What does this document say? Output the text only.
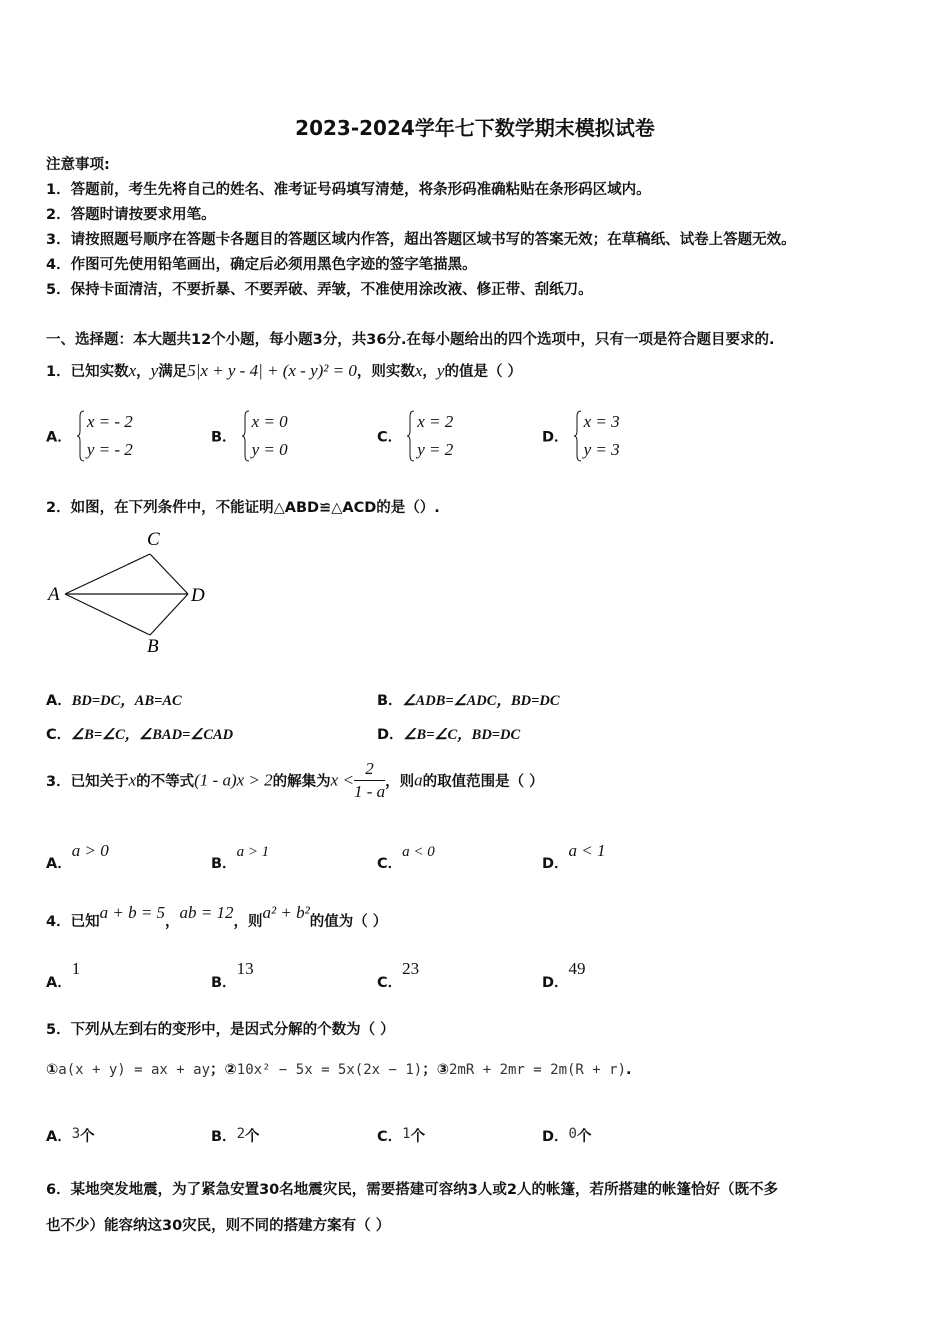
2023-2024学年七下数学期末模拟试卷
注意事项:
1．答题前，考生先将自己的姓名、准考证号码填写清楚，将条形码准确粘贴在条形码区域内。
2．答题时请按要求用笔。
3．请按照题号顺序在答题卡各题目的答题区域内作答，超出答题区域书写的答案无效；在草稿纸、试卷上答题无效。
4．作图可先使用铅笔画出，确定后必须用黑色字迹的签字笔描黑。
5．保持卡面清洁，不要折暴、不要弄破、弄皱，不准使用涂改液、修正带、刮纸刀。
一、选择题：本大题共12个小题，每小题3分，共36分.在每小题给出的四个选项中，只有一项是符合题目要求的.
1．已知实数x，y满足5|x + y - 4| + (x - y)² = 0，则实数x，y的值是（ ）
A．
x = - 2
y = - 2
B．
x = 0
y = 0
C．
x = 2
y = 2
D．
x = 3
y = 3
2．如图，在下列条件中，不能证明△ABD≌△ACD的是（）.
A
C
D
B
A．BD=DC，AB=AC	B．∠ADB=∠ADC，BD=DC
C．∠B=∠C，∠BAD=∠CAD	D．∠B=∠C，BD=DC
3．已知关于x的不等式(1 - a)x > 2的解集为$x < \frac{2}{1 - a}$ ，则a的取值范围是（ ）
A．a > 0
B．a > 1
C．a < 0
D．a < 1
4．已知a + b = 5，ab = 12，则a² + b²的值为（ ）
A．1
B．13
C．23
D．49
5．下列从左到右的变形中，是因式分解的个数为（ ）
①a(x + y) = ax + ay；②10x² − 5x = 5x(2x − 1)；③2mR + 2mr = 2m(R + r).
A．3个	B．2个	C．1个	D．0个
6．某地突发地震，为了紧急安置30名地震灾民，需要搭建可容纳3人或2人的帐篷，若所搭建的帐篷恰好（既不多
也不少）能容纳这30灾民，则不同的搭建方案有（ ）
